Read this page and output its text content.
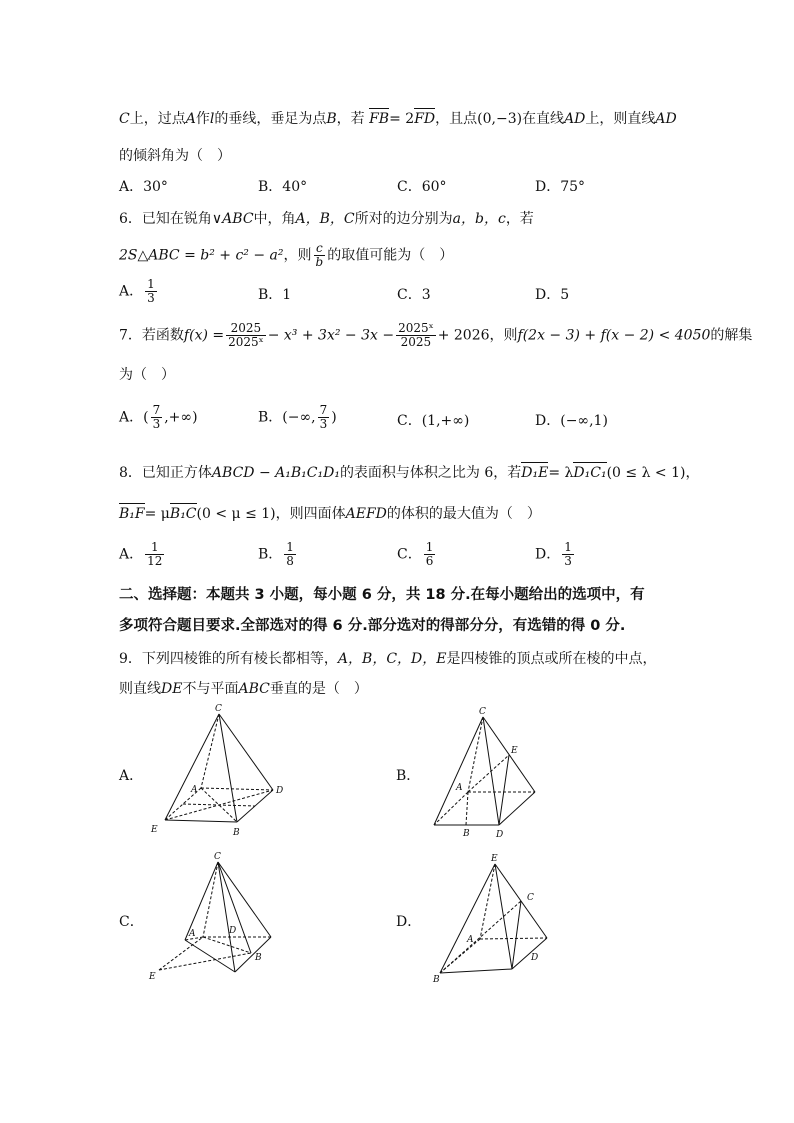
C上，过点A作l的垂线，垂足为点B，若 FB= 2FD，且点(0,−3)在直线AD上，则直线AD
的倾斜角为（　）
A．30°	B．40°	C．60°	D．75°
6．已知在锐角∨ABC中，角A，B，C所对的边分别为a，b，c，若
2S△ABC = b² + c² − a²，则 $\frac{c}{b}$ 的取值可能为（　）
A． $\frac{1}{3}$	B．1	C．3	D．5
7．若函数$f(x) = \frac{2025}{\text{2025ˣ}} - x^3 + 3x^2 - 3x - \frac{\text{2025ˣ}}{2025} + 2026$，则f(2x − 3) + f(x − 2) < 4050的解集
为（　）
A．( $\frac{7}{3}$ ,+∞)	B．(−∞, $\frac{7}{3}$ )	C．(1,+∞)	D．(−∞,1)
8．已知正方体ABCD − A₁B₁C₁D₁的表面积与体积之比为 6，若D₁E= λD₁C₁(0 ≤ λ < 1)，
B₁F= μB₁C(0 < μ ≤ 1)，则四面体AEFD的体积的最大值为（　）
A． $\frac{1}{12}$	B． $\frac{1}{8}$	C． $\frac{1}{6}$	D． $\frac{1}{3}$
二、选择题：本题共 3 小题，每小题 6 分，共 18 分.在每小题给出的选项中，有
多项符合题目要求.全部选对的得 6 分.部分选对的得部分分，有选错的得 0 分.
9．下列四棱锥的所有棱长都相等，A，B，C，D，E是四棱锥的顶点或所在棱的中点，
则直线DE不与平面ABC垂直的是（　）
A．	B．
C．	D．
C
A	D
E	B
C
E
A
B	D
C
A	D
B
E
E
C
A
D
B
